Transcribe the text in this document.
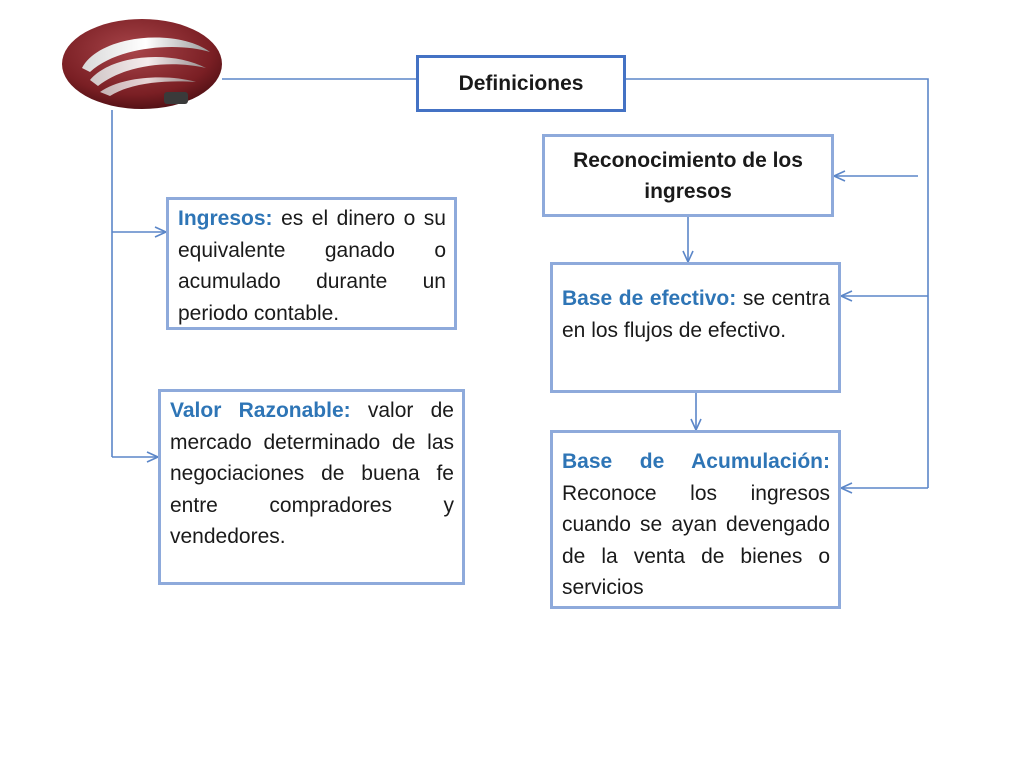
Definiciones
Reconocimiento de los ingresos
Ingresos: es el dinero o su equivalente ganado o acumulado durante un periodo contable.
Valor Razonable: valor de mercado determinado de las negociaciones de buena fe entre compradores y vendedores.
Base de efectivo: se centra en los flujos de efectivo.
Base de Acumulación: Reconoce los ingresos cuando se ayan devengado de la venta de bienes o servicios
